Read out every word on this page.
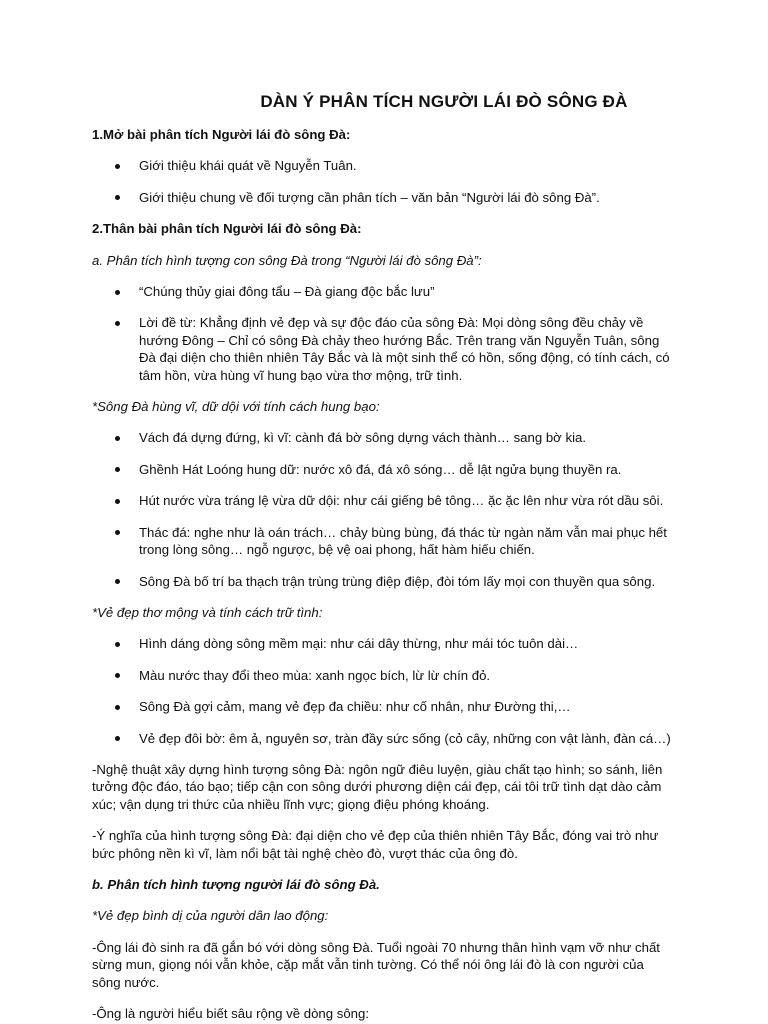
DÀN Ý PHÂN TÍCH NGƯỜI LÁI ĐÒ SÔNG ĐÀ
1.Mở bài phân tích Người lái đò sông Đà:
Giới thiệu khái quát về Nguyễn Tuân.
Giới thiệu chung về đối tượng cần phân tích – văn bản “Người lái đò sông Đà”.
2.Thân bài phân tích Người lái đò sông Đà:
a. Phân tích hình tượng con sông Đà trong “Người lái đò sông Đà”:
“Chúng thủy giai đông tẩu – Đà giang độc bắc lưu”
Lời đề từ: Khẳng định vẻ đẹp và sự độc đáo của sông Đà: Mọi dòng sông đều chảy về hướng Đông – Chỉ có sông Đà chảy theo hướng Bắc. Trên trang văn Nguyễn Tuân, sông Đà đại diện cho thiên nhiên Tây Bắc và là một sinh thể có hồn, sống động, có tính cách, có tâm hồn, vừa hùng vĩ hung bạo vừa thơ mộng, trữ tình.
*Sông Đà hùng vĩ, dữ dội với tính cách hung bạo:
Vách đá dựng đứng, kì vĩ: cành đá bờ sông dựng vách thành… sang bờ kia.
Ghềnh Hát Loóng hung dữ: nước xô đá, đá xô sóng… dễ lật ngửa bụng thuyền ra.
Hút nước vừa tráng lệ vừa dữ dội: như cái giếng bê tông… ặc ặc lên như vừa rót dầu sôi.
Thác đá: nghe như là oán trách… chảy bùng bùng, đá thác từ ngàn năm vẫn mai phục hết trong lòng sông… ngỗ ngược, bệ vệ oai phong, hất hàm hiếu chiến.
Sông Đà bố trí ba thạch trận trùng trùng điệp điệp, đòi tóm lấy mọi con thuyền qua sông.
*Vẻ đẹp thơ mộng và tính cách trữ tình:
Hình dáng dòng sông mềm mại: như cái dây thừng, như mái tóc tuôn dài…
Màu nước thay đổi theo mùa: xanh ngọc bích, lừ lừ chín đỏ.
Sông Đà gợi cảm, mang vẻ đẹp đa chiều: như cố nhân, như Đường thi,…
Vẻ đẹp đôi bờ: êm ả, nguyên sơ, tràn đầy sức sống (cỏ cây, những con vật lành, đàn cá…)

-Nghệ thuật xây dựng hình tượng sông Đà: ngôn ngữ điêu luyện, giàu chất tạo hình; so sánh, liên tưởng độc đáo, táo bạo; tiếp cận con sông dưới phương diện cái đẹp, cái tôi trữ tình dạt dào cảm xúc; vận dụng tri thức của nhiều lĩnh vực; giọng điệu phóng khoáng.

-Ý nghĩa của hình tượng sông Đà: đại diện cho vẻ đẹp của thiên nhiên Tây Bắc, đóng vai trò như bức phông nền kì vĩ, làm nổi bật tài nghệ chèo đò, vượt thác của ông đò.

b. Phân tích hình tượng người lái đò sông Đà.
*Vẻ đẹp bình dị của người dân lao động:

-Ông lái đò sinh ra đã gắn bó với dòng sông Đà. Tuổi ngoài 70 nhưng thân hình vạm vỡ như chất sừng mun, giọng nói vẫn khỏe, cặp mắt vẫn tinh tường. Có thể nói ông lái đò là con người của sông nước.

-Ông là người hiểu biết sâu rộng về dòng sông:
